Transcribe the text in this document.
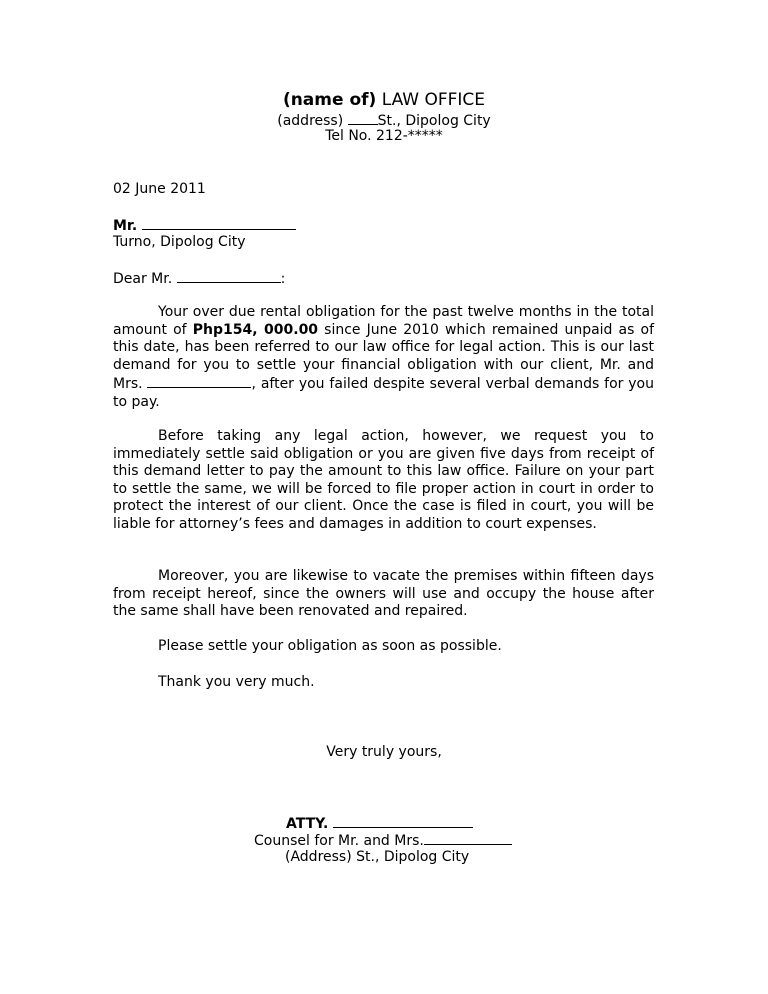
(name of) LAW OFFICE
(address) St., Dipolog City
Tel No. 212-*****
02 June 2011
Mr.
Turno, Dipolog City
Dear Mr.	:

Your over due rental obligation for the past twelve months in the total amount of Php154, 000.00 since June 2010 which remained unpaid as of this date, has been referred to our law office for legal action. This is our last demand for you to settle your financial obligation with our client, Mr. and Mrs.	, after you failed despite several verbal demands for you to pay.

Before taking any legal action, however, we request you to immediately settle said obligation or you are given five days from receipt of this demand letter to pay the amount to this law office. Failure on your part to settle the same, we will be forced to file proper action in court in order to protect the interest of our client. Once the case is filed in court, you will be liable for attorney’s fees and damages in addition to court expenses.

Moreover, you are likewise to vacate the premises within fifteen days from receipt hereof, since the owners will use and occupy the house after the same shall have been renovated and repaired.

Please settle your obligation as soon as possible.

Thank you very much.

Very truly yours,
ATTY.
Counsel for Mr. and Mrs.
(Address) St., Dipolog City
